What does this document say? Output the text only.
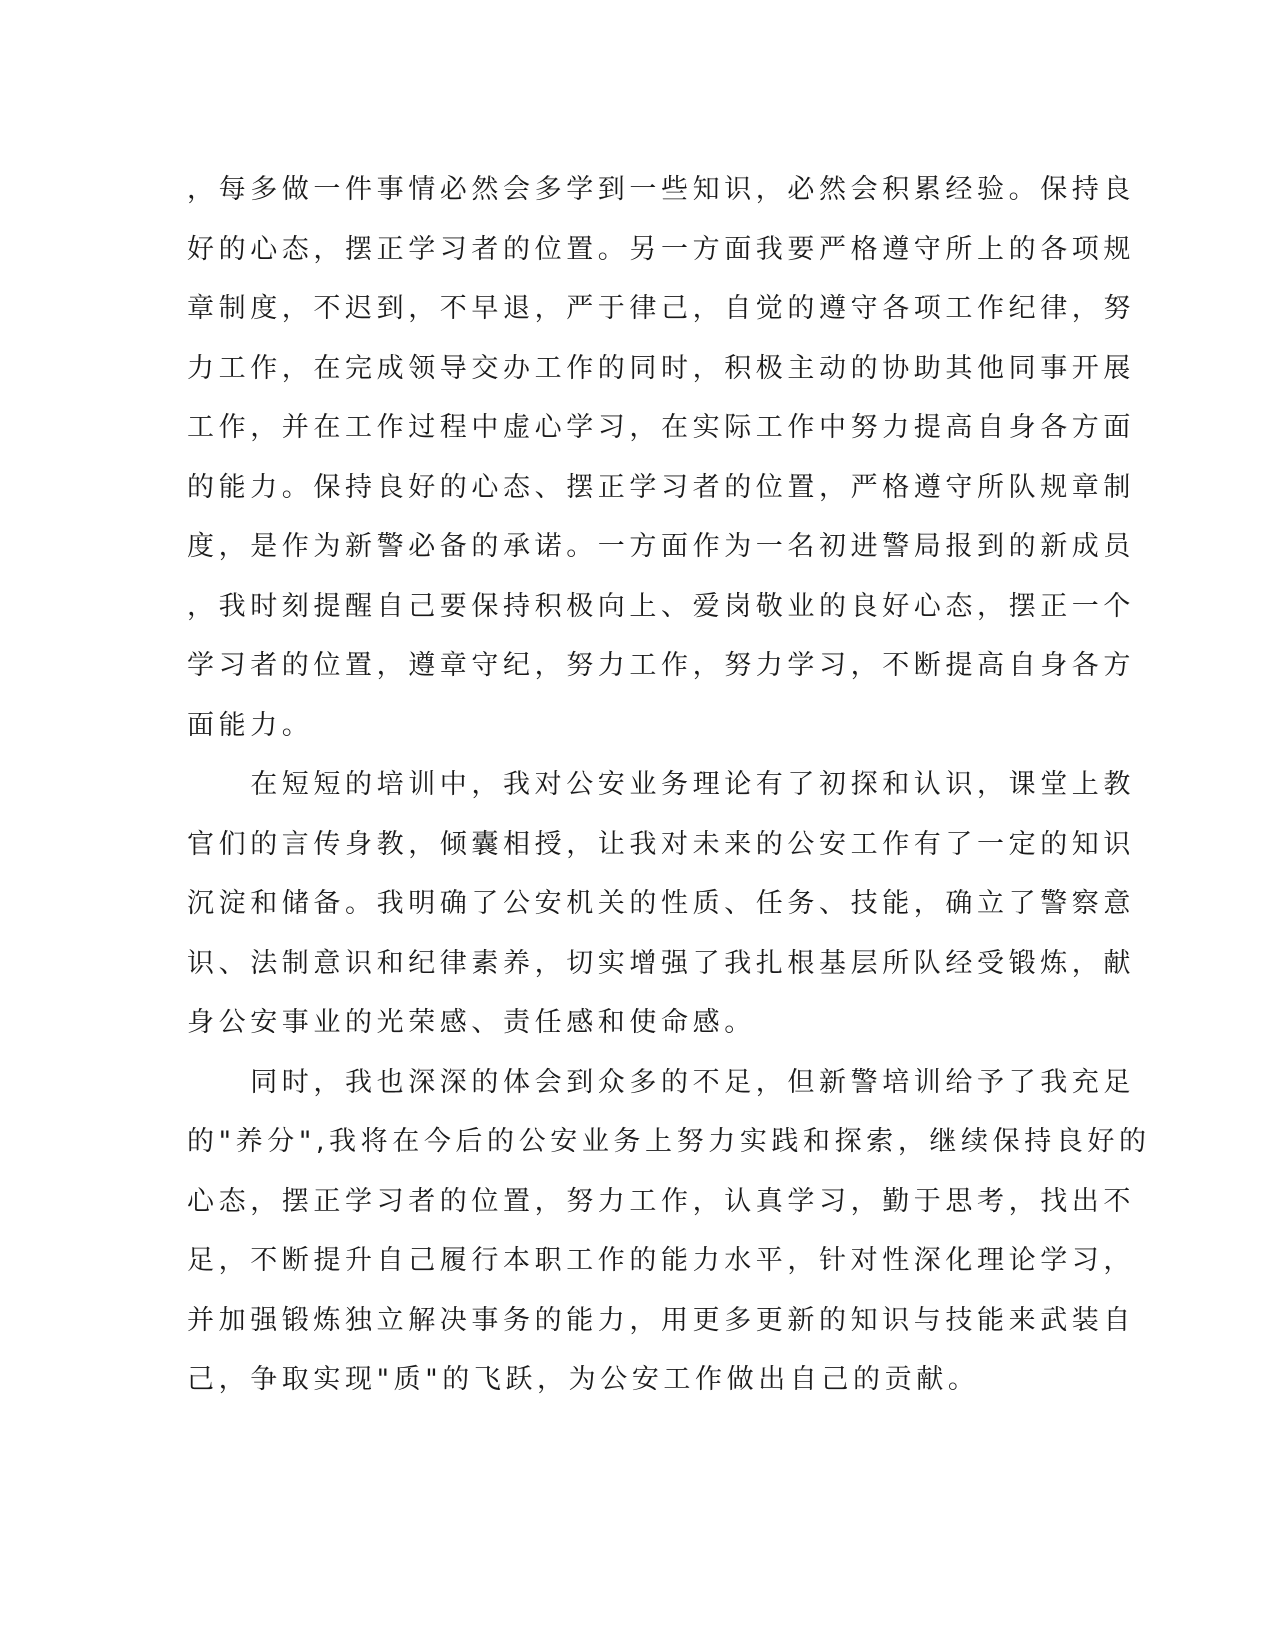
，每多做一件事情必然会多学到一些知识，必然会积累经验。保持良
好的心态，摆正学习者的位置。另一方面我要严格遵守所上的各项规
章制度，不迟到，不早退，严于律己，自觉的遵守各项工作纪律，努
力工作，在完成领导交办工作的同时，积极主动的协助其他同事开展
工作，并在工作过程中虚心学习，在实际工作中努力提高自身各方面
的能力。保持良好的心态、摆正学习者的位置，严格遵守所队规章制
度，是作为新警必备的承诺。一方面作为一名初进警局报到的新成员
，我时刻提醒自己要保持积极向上、爱岗敬业的良好心态，摆正一个
学习者的位置，遵章守纪，努力工作，努力学习，不断提高自身各方
面能力。
　　在短短的培训中，我对公安业务理论有了初探和认识，课堂上教
官们的言传身教，倾囊相授，让我对未来的公安工作有了一定的知识
沉淀和储备。我明确了公安机关的性质、任务、技能，确立了警察意
识、法制意识和纪律素养，切实增强了我扎根基层所队经受锻炼，献
身公安事业的光荣感、责任感和使命感。
　　同时，我也深深的体会到众多的不足，但新警培训给予了我充足
的"养分",我将在今后的公安业务上努力实践和探索，继续保持良好的
心态，摆正学习者的位置，努力工作，认真学习，勤于思考，找出不
足，不断提升自己履行本职工作的能力水平，针对性深化理论学习，
并加强锻炼独立解决事务的能力，用更多更新的知识与技能来武装自
己，争取实现"质"的飞跃，为公安工作做出自己的贡献。
